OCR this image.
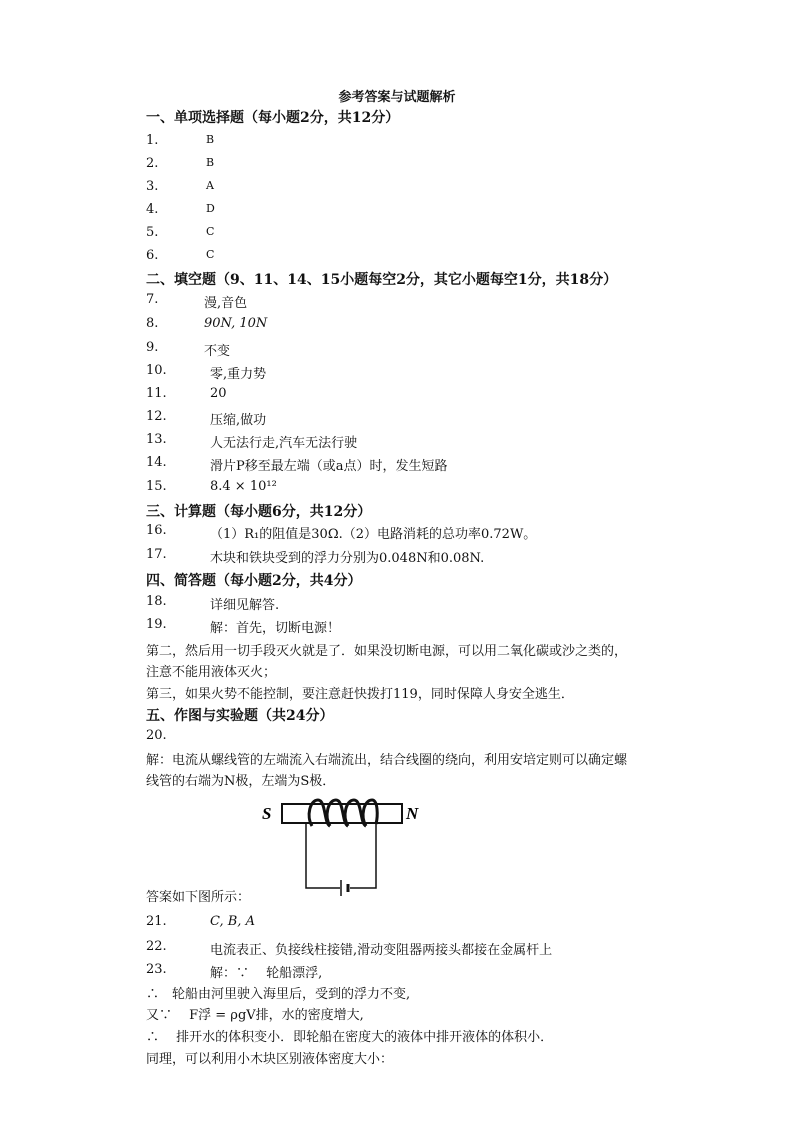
参考答案与试题解析
一、单项选择题（每小题2分，共12分）
1.	B
2.	B
3.	A
4.	D
5.	C
6.	C
二、填空题（9、11、14、15小题每空2分，其它小题每空1分，共18分）
7.	漫,音色
8.	90N, 10N
9.	不变
10.	零,重力势
11.	20
12.	压缩,做功
13.	人无法行走,汽车无法行驶
14.	滑片P移至最左端（或a点）时，发生短路
15.	8.4 × 10¹²
三、计算题（每小题6分，共12分）
16.	（1）R₁的阻值是30Ω.（2）电路消耗的总功率0.72W。
17.	木块和铁块受到的浮力分别为0.048N和0.08N.
四、简答题（每小题2分，共4分）
18.	详细见解答.
19.	解：首先，切断电源！
第二，然后用一切手段灭火就是了．如果没切断电源，可以用二氧化碳或沙之类的，
注意不能用液体灭火；
第三，如果火势不能控制，要注意赶快拨打119，同时保障人身安全逃生．
五、作图与实验题（共24分）
20.
解：电流从螺线管的左端流入右端流出，结合线圈的绕向，利用安培定则可以确定螺
线管的右端为N极，左端为S极．
S	N
答案如下图所示：
21.	C, B, A
22.	电流表正、负接线柱接错,滑动变阻器两接头都接在金属杆上
23.	解：∵　 轮船漂浮,
∴　轮船由河里驶入海里后，受到的浮力不变,
又∵　 F浮 = ρgV排，水的密度增大,
∴　 排开水的体积变小．即轮船在密度大的液体中排开液体的体积小．
同理，可以利用小木块区别液体密度大小：
